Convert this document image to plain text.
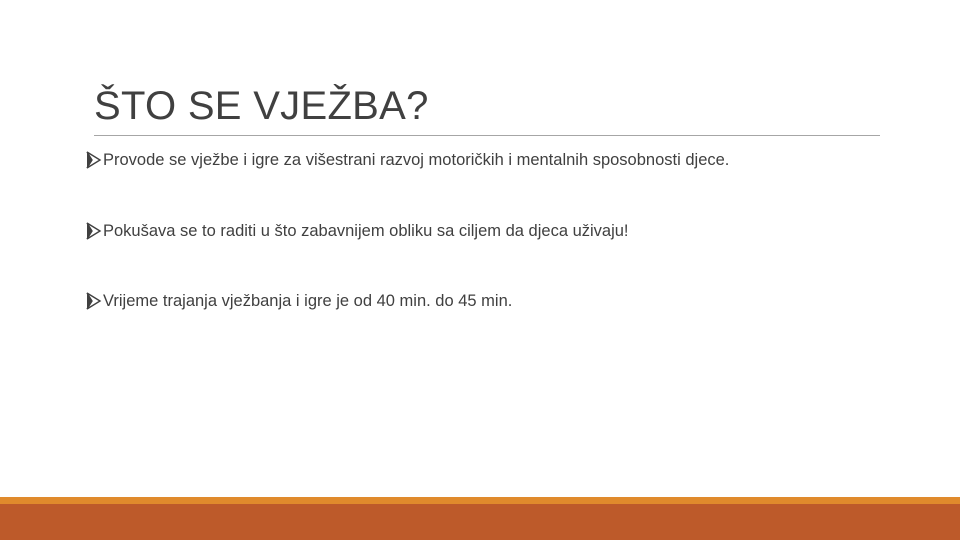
ŠTO SE VJEŽBA?
Provode se vježbe i igre za višestrani razvoj motoričkih i mentalnih sposobnosti djece.
Pokušava se to raditi u što zabavnijem obliku sa ciljem da djeca uživaju!
Vrijeme trajanja vježbanja i igre je od 40 min. do 45 min.
